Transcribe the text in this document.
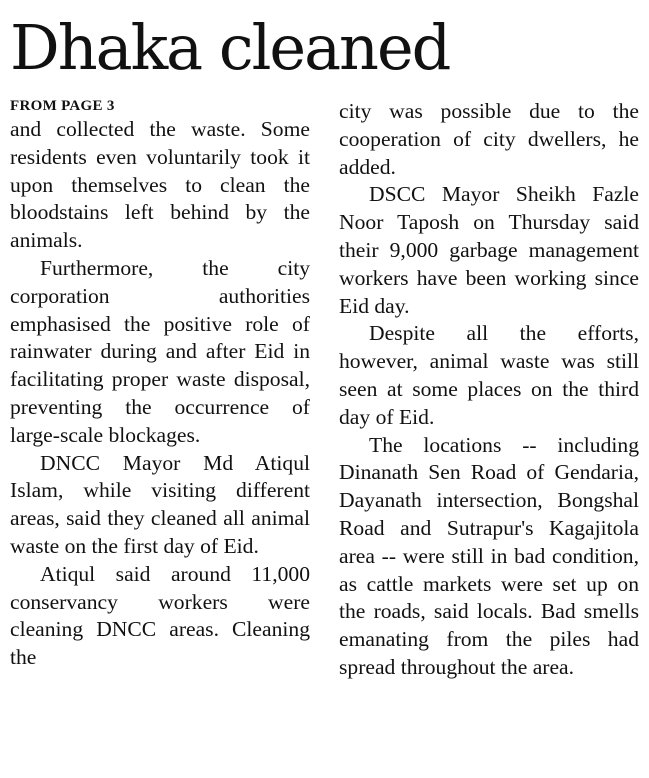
Dhaka cleaned
FROM PAGE 3

and collected the waste. Some residents even voluntarily took it upon themselves to clean the bloodstains left behind by the animals.

Furthermore, the city corporation authorities emphasised the positive role of rainwater during and after Eid in facilitating proper waste disposal, preventing the occurrence of large-scale blockages.

DNCC Mayor Md Atiqul Islam, while visiting different areas, said they cleaned all animal waste on the first day of Eid.

Atiqul said around 11,000 conservancy workers were cleaning DNCC areas. Cleaning the

city was possible due to the cooperation of city dwellers, he added.

DSCC Mayor Sheikh Fazle Noor Taposh on Thursday said their 9,000 garbage management workers have been working since Eid day.

Despite all the efforts, however, animal waste was still seen at some places on the third day of Eid.

The locations -- including Dinanath Sen Road of Gendaria, Dayanath intersection, Bongshal Road and Sutrapur's Kagajitola area -- were still in bad condition, as cattle markets were set up on the roads, said locals. Bad smells emanating from the piles had spread throughout the area.
